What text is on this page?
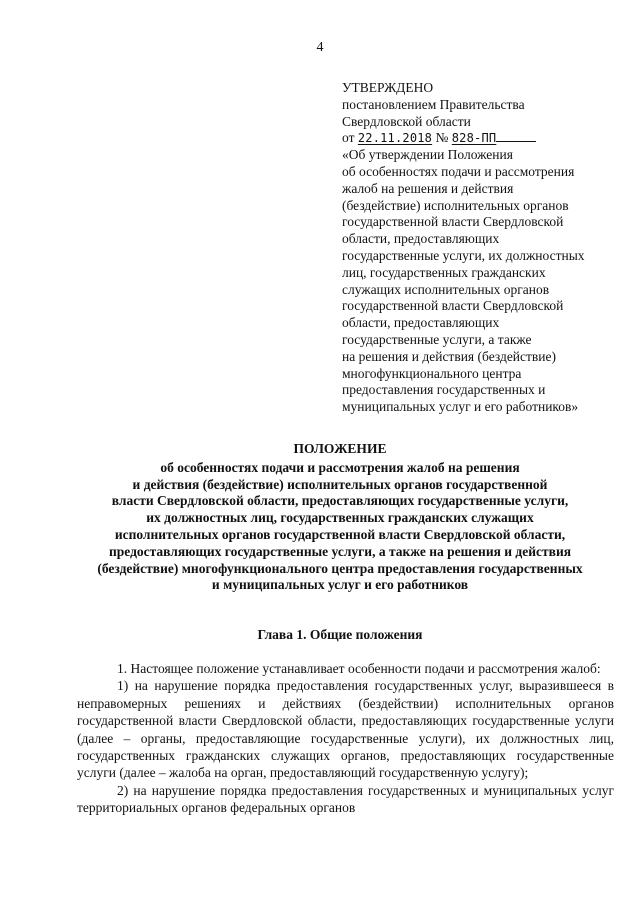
4
УТВЕРЖДЕНО
постановлением Правительства
Свердловской области
от 22.11.2018 № 828-ПП
«Об утверждении Положения
об особенностях подачи и рассмотрения
жалоб на решения и действия
(бездействие) исполнительных органов
государственной власти Свердловской
области, предоставляющих
государственные услуги, их должностных
лиц, государственных гражданских
служащих исполнительных органов
государственной власти Свердловской
области, предоставляющих
государственные услуги, а также
на решения и действия (бездействие)
многофункционального центра
предоставления государственных и
муниципальных услуг и его работников»
ПОЛОЖЕНИЕ
об особенностях подачи и рассмотрения жалоб на решения
и действия (бездействие) исполнительных органов государственной
власти Свердловской области, предоставляющих государственные услуги,
их должностных лиц, государственных гражданских служащих
исполнительных органов государственной власти Свердловской области,
предоставляющих государственные услуги, а также на решения и действия
(бездействие) многофункционального центра предоставления государственных
и муниципальных услуг и его работников
Глава 1. Общие положения

1. Настоящее положение устанавливает особенности подачи и рассмотрения жалоб:

1) на нарушение порядка предоставления государственных услуг, выразившееся в неправомерных решениях и действиях (бездействии) исполнительных органов государственной власти Свердловской области, предоставляющих государственные услуги (далее – органы, предоставляющие государственные услуги), их должностных лиц, государственных гражданских служащих органов, предоставляющих государственные услуги (далее – жалоба на орган, предоставляющий государственную услугу);

2) на нарушение порядка предоставления государственных и муниципальных услуг территориальных органов федеральных органов
